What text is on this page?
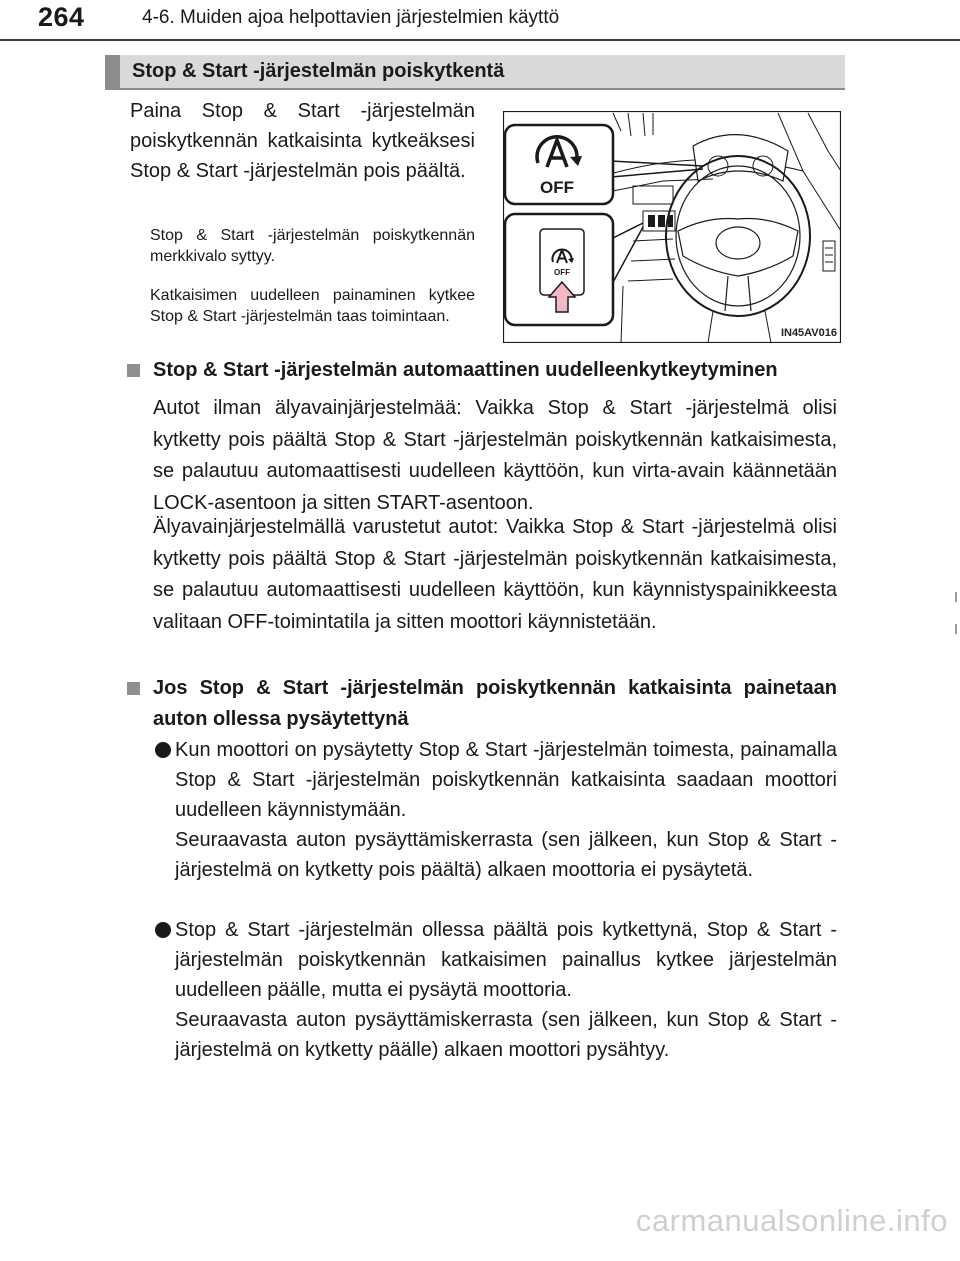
264	4-6. Muiden ajoa helpottavien järjestelmien käyttö
Stop & Start -järjestelmän poiskytkentä
Paina Stop & Start -järjestelmän poiskytkennän katkaisinta kytkeäksesi Stop & Start -järjestelmän pois päältä.
Stop & Start -järjestelmän poiskytkennän merkkivalo syttyy.
Katkaisimen uudelleen painaminen kytkee Stop & Start -järjestelmän taas toimintaan.
OFF
OFF
IN45AV016
Stop & Start -järjestelmän automaattinen uudelleenkytkeytyminen
Autot ilman älyavainjärjestelmää: Vaikka Stop & Start -järjestelmä olisi kytketty pois päältä Stop & Start -järjestelmän poiskytkennän katkaisimesta, se palautuu automaattisesti uudelleen käyttöön, kun virta-avain käännetään LOCK-asentoon ja sitten START-asentoon.
Älyavainjärjestelmällä varustetut autot: Vaikka Stop & Start -järjestelmä olisi kytketty pois päältä Stop & Start -järjestelmän poiskytkennän katkaisimesta, se palautuu automaattisesti uudelleen käyttöön, kun käynnistyspainikkeesta valitaan OFF-toimintatila ja sitten moottori käynnistetään.
Jos Stop & Start -järjestelmän poiskytkennän katkaisinta painetaan auton ollessa pysäytettynä
Kun moottori on pysäytetty Stop & Start -järjestelmän toimesta, painamalla Stop & Start -järjestelmän poiskytkennän katkaisinta saadaan moottori uudelleen käynnistymään.
Seuraavasta auton pysäyttämiskerrasta (sen jälkeen, kun Stop & Start -järjestelmä on kytketty pois päältä) alkaen moottoria ei pysäytetä.
Stop & Start -järjestelmän ollessa päältä pois kytkettynä, Stop & Start -järjestelmän poiskytkennän katkaisimen painallus kytkee järjestelmän uudelleen päälle, mutta ei pysäytä moottoria.
Seuraavasta auton pysäyttämiskerrasta (sen jälkeen, kun Stop & Start -järjestelmä on kytketty päälle) alkaen moottori pysähtyy.
carmanualsonline.info
